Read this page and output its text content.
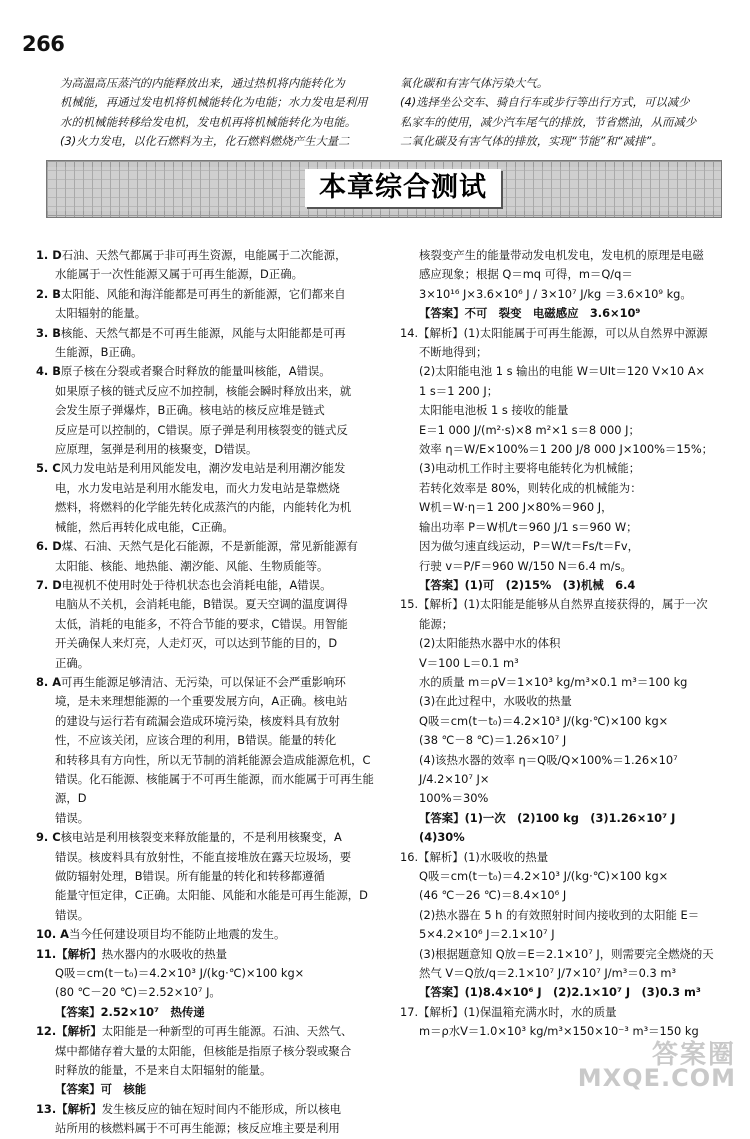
266

为高温高压蒸汽的内能释放出来，通过热机将内能转化为

机械能，再通过发电机将机械能转化为电能；水力发电是利用

水的机械能转移给发电机，发电机再将机械能转化为电能。

(3)火力发电，以化石燃料为主，化石燃料燃烧产生大量二

氧化碳和有害气体污染大气。

(4)选择坐公交车、骑自行车或步行等出行方式，可以减少

私家车的使用，减少汽车尾气的排放，节省燃油，从而减少

二氧化碳及有害气体的排放，实现“节能”和“减排”。

本章综合测试
1. D 石油、天然气都属于非可再生资源，电能属于二次能源，
水能属于一次性能源又属于可再生能源，D正确。
2. B 太阳能、风能和海洋能都是可再生的新能源，它们都来自
太阳辐射的能量。
3. B 核能、天然气都是不可再生能源，风能与太阳能都是可再
生能源，B正确。
4. B 原子核在分裂或者聚合时释放的能量叫核能，A错误。
如果原子核的链式反应不加控制，核能会瞬时释放出来，就
会发生原子弹爆炸，B正确。核电站的核反应堆是链式
反应是可以控制的，C错误。原子弹是利用核裂变的链式反
应原理，氢弹是利用的核聚变，D错误。
5. C 风力发电站是利用风能发电，潮汐发电站是利用潮汐能发
电，水力发电站是利用水能发电，而火力发电站是靠燃烧
燃料，将燃料的化学能先转化成蒸汽的内能，内能转化为机
械能，然后再转化成电能，C正确。
6. D 煤、石油、天然气是化石能源，不是新能源，常见新能源有
太阳能、核能、地热能、潮汐能、风能、生物质能等。
7. D 电视机不使用时处于待机状态也会消耗电能，A错误。
电脑从不关机，会消耗电能，B错误。夏天空调的温度调得
太低，消耗的电能多，不符合节能的要求，C错误。用智能
开关确保人来灯亮，人走灯灭，可以达到节能的目的，D
正确。
8. A 可再生能源足够清洁、无污染，可以保证不会严重影响环
境，是未来理想能源的一个重要发展方向，A正确。核电站
的建设与运行若有疏漏会造成环境污染，核废料具有放射
性，不应该关闭，应该合理的利用，B错误。能量的转化
和转移具有方向性，所以无节制的消耗能源会造成能源危机，C
错误。化石能源、核能属于不可再生能源，而水能属于可再生能源，D
错误。
9. C 核电站是利用核裂变来释放能量的，不是利用核聚变，A
错误。核废料具有放射性，不能直接堆放在露天垃圾场，要
做防辐射处理，B错误。所有能量的转化和转移都遵循
能量守恒定律，C正确。太阳能、风能和水能是可再生能源，D
错误。
10. A 当今任何建设项目均不能防止地震的发生。
11. 【解析】 热水器内的水吸收的热量
Q吸＝cm(t－t₀)＝4.2×10³ J/(kg·℃)×100 kg×
(80 ℃－20 ℃)＝2.52×10⁷ J。
【答案】2.52×10⁷　热传递
12. 【解析】 太阳能是一种新型的可再生能源。石油、天然气、
煤中都储存着大量的太阳能，但核能是指原子核分裂或聚合
时释放的能量，不是来自太阳辐射的能量。
【答案】可　核能
13. 【解析】 发生核反应的铀在短时间内不能形成，所以核电
站所用的核燃料属于不可再生能源；核反应堆主要是利用
核裂变产生的能量带动发电机发电，发电机的原理是电磁
感应现象；根据 Q＝mq 可得，m＝Q/q＝
3×10¹⁶ J×3.6×10⁶ J / 3×10⁷ J/kg ＝3.6×10⁹ kg。
【答案】不可　裂变　电磁感应　3.6×10⁹
14.【解析】(1)太阳能属于可再生能源，可以从自然界中源源
不断地得到；
(2)太阳能电池 1 s 输出的电能 W＝UIt＝120 V×10 A×
1 s＝1 200 J；
太阳能电池板 1 s 接收的能量
E＝1 000 J/(m²·s)×8 m²×1 s＝8 000 J；
效率 η＝W/E×100%＝1 200 J/8 000 J×100%＝15%；
(3)电动机工作时主要将电能转化为机械能；
若转化效率是 80%，则转化成的机械能为：
W机＝W·η＝1 200 J×80%＝960 J，
输出功率 P＝W机/t＝960 J/1 s＝960 W；
因为做匀速直线运动，P＝W/t＝Fs/t＝Fv，
行驶 v＝P/F＝960 W/150 N＝6.4 m/s。
【答案】(1)可　(2)15%　(3)机械　6.4
15.【解析】(1)太阳能是能够从自然界直接获得的，属于一次
能源；
(2)太阳能热水器中水的体积
V＝100 L＝0.1 m³
水的质量 m＝ρV＝1×10³ kg/m³×0.1 m³＝100 kg
(3)在此过程中，水吸收的热量
Q吸＝cm(t－t₀)＝4.2×10³ J/(kg·℃)×100 kg×
(38 ℃－8 ℃)＝1.26×10⁷ J
(4)该热水器的效率 η＝Q吸/Q×100%＝1.26×10⁷ J/4.2×10⁷ J×
100%＝30%
【答案】(1)一次　(2)100 kg　(3)1.26×10⁷ J　(4)30%
16.【解析】(1)水吸收的热量
Q吸＝cm(t－t₀)＝4.2×10³ J/(kg·℃)×100 kg×
(46 ℃－26 ℃)＝8.4×10⁶ J
(2)热水器在 5 h 的有效照射时间内接收到的太阳能 E＝
5×4.2×10⁶ J＝2.1×10⁷ J
(3)根据题意知 Q放＝E＝2.1×10⁷ J，则需要完全燃烧的天
然气 V＝Q放/q＝2.1×10⁷ J/7×10⁷ J/m³＝0.3 m³
【答案】(1)8.4×10⁶ J　(2)2.1×10⁷ J　(3)0.3 m³
17.【解析】(1)保温箱充满水时，水的质量
m＝ρ水V＝1.0×10³ kg/m³×150×10⁻³ m³＝150 kg
答案圈
MXQE.COM
